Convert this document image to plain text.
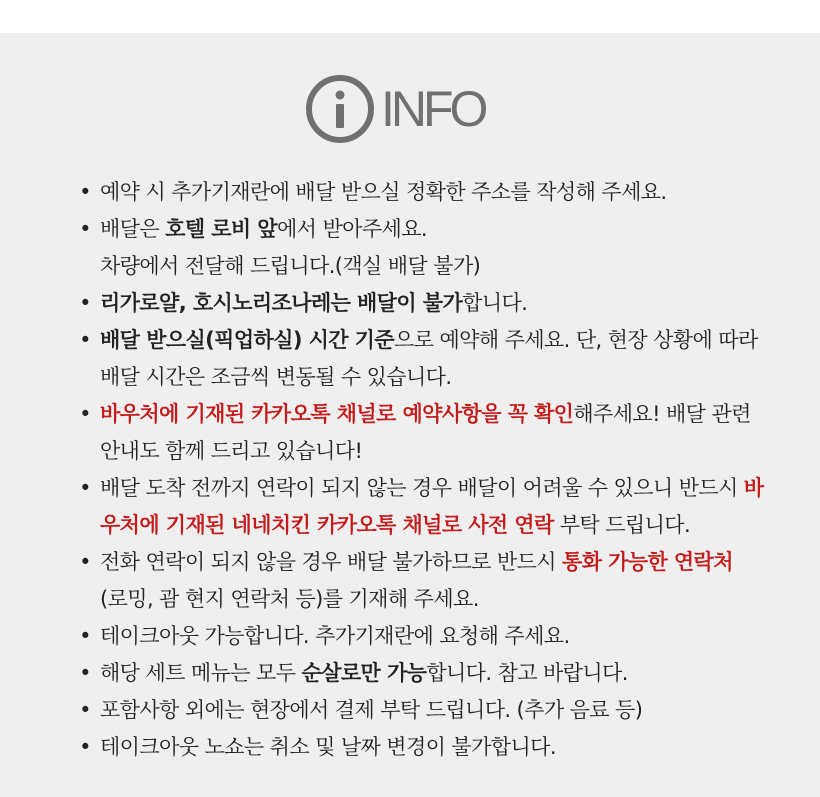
INFO
• 예약 시 추가기재란에 배달 받으실 정확한 주소를 작성해 주세요.
• 배달은 호텔 로비 앞에서 받아주세요.
차량에서 전달해 드립니다.(객실 배달 불가)
• 리가로얄, 호시노리조나레는 배달이 불가합니다.
• 배달 받으실(픽업하실) 시간 기준으로 예약해 주세요. 단, 현장 상황에 따라 배달 시간은 조금씩 변동될 수 있습니다.
• 바우처에 기재된 카카오톡 채널로 예약사항을 꼭 확인해주세요! 배달 관련 안내도 함께 드리고 있습니다!
• 배달 도착 전까지 연락이 되지 않는 경우 배달이 어려울 수 있으니 반드시 바우처에 기재된 네네치킨 카카오톡 채널로 사전 연락 부탁 드립니다.
• 전화 연락이 되지 않을 경우 배달 불가하므로 반드시 통화 가능한 연락처 (로밍, 괌 현지 연락처 등)를 기재해 주세요.
• 테이크아웃 가능합니다. 추가기재란에 요청해 주세요.
• 해당 세트 메뉴는 모두 순살로만 가능합니다. 참고 바랍니다.
• 포함사항 외에는 현장에서 결제 부탁 드립니다. (추가 음료 등)
• 테이크아웃 노쇼는 취소 및 날짜 변경이 불가합니다.
